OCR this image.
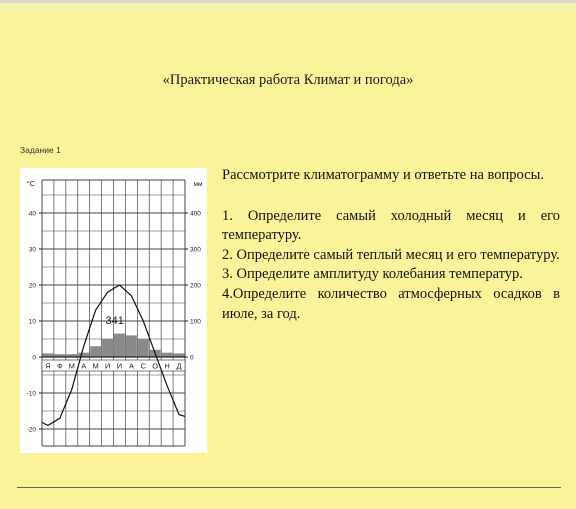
«Практическая работа Климат и погода»
Задание 1
Я Ф М А М И И А С О Н Д
-20
-10
0
10
20
30
40
0
100
200
300
400
°C	мм
341

Рассмотрите климатограмму и ответьте на вопросы.

1. Определите самый холодный месяц и его температуру.

2. Определите самый теплый месяц и его температуру.

3. Определите амплитуду колебания температур.

4.Определите количество атмосферных осадков в июле, за год.
